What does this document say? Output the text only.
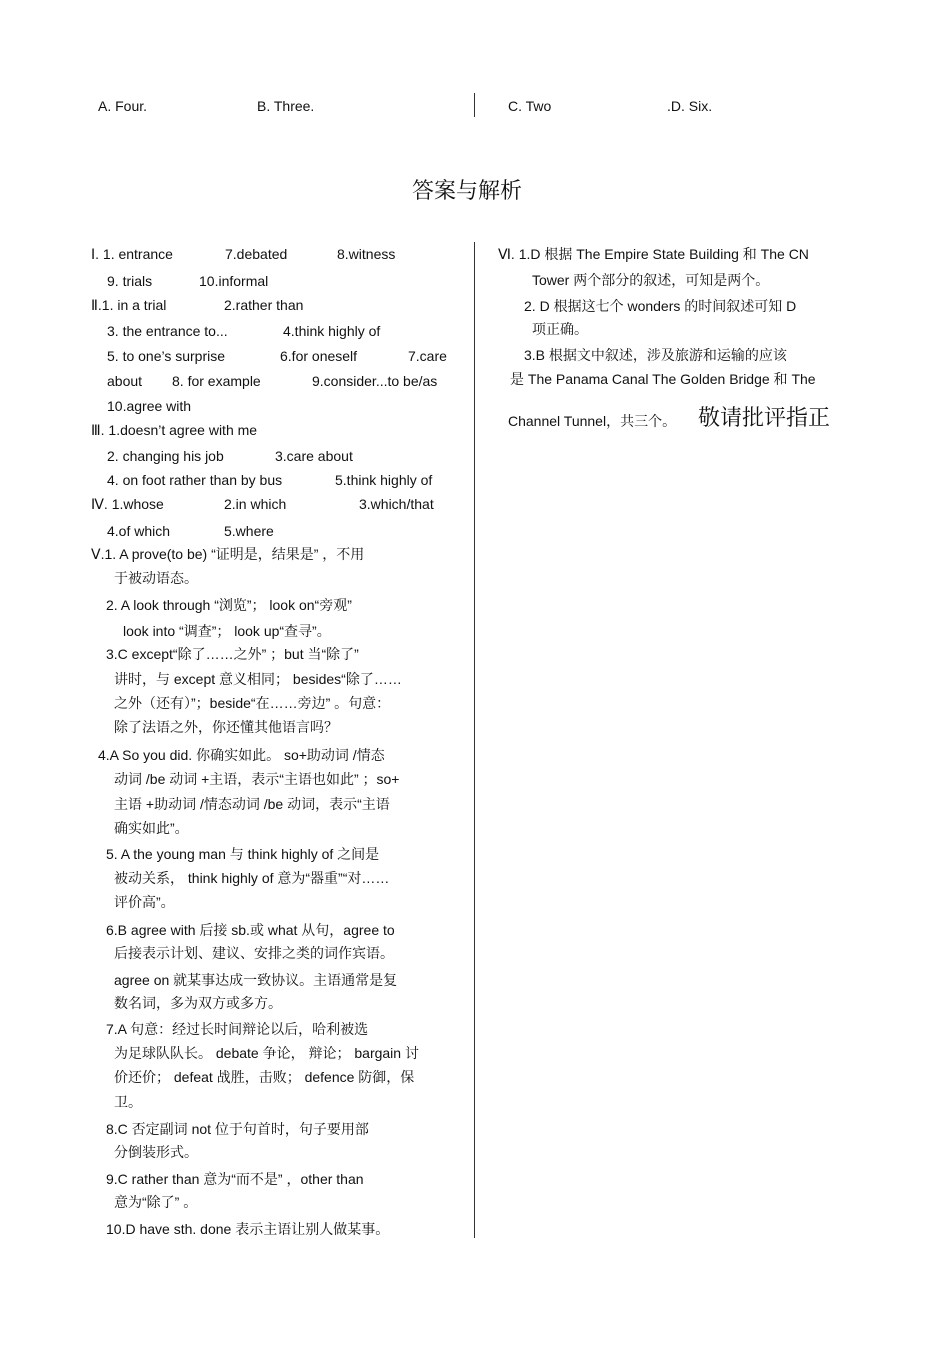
A. Four.	B. Three.	C. Two	.D. Six.
答案与解析
Ⅰ. 1. entrance	7.debated	8.witness
9. trials	10.informal
Ⅱ.1. in a trial	2.rather than
3. the entrance to...	4.think highly of
5. to one’s surprise	6.for oneself	7.care
about 8. for example	9.consider...to be/as
10.agree with
Ⅲ. 1.doesn’t agree with me
2. changing his job	3.care about
4. on foot rather than by bus	5.think highly of
Ⅳ. 1.whose	2.in which	3.which/that
4.of which	5.where
Ⅴ.1. A prove(to be) “证明是，结果是” ，不用
于被动语态。
2. A look through “浏览”； look on“旁观”
look into “调查”； look up“查寻”。
3.C except“除了……之外” ；but 当“除了”
讲时，与 except 意义相同； besides“除了……
之外（还有）”；beside“在……旁边” 。句意：
除了法语之外，你还懂其他语言吗？
4.A So you did. 你确实如此。 so+助动词 /情态
动词 /be 动词 +主语，表示“主语也如此” ；so+
主语 +助动词 /情态动词 /be 动词，表示“主语
确实如此”。
5. A the young man 与 think highly of 之间是
被动关系， think highly of 意为“器重”“对……
评价高”。
6.B agree with 后接 sb.或 what 从句，agree to
后接表示计划、建议、安排之类的词作宾语。
agree on 就某事达成一致协议。主语通常是复
数名词，多为双方或多方。
7.A 句意：经过长时间辩论以后，哈利被选
为足球队队长。 debate 争论， 辩论； bargain 讨
价还价； defeat 战胜，击败； defence 防御，保
卫。
8.C 否定副词 not 位于句首时，句子要用部
分倒装形式。
9.C rather than 意为“而不是” ，other than
意为“除了” 。
10.D have sth. done 表示主语让别人做某事。
Ⅵ. 1.D 根据 The Empire State Building 和 The CN
Tower 两个部分的叙述，可知是两个。
2. D 根据这七个 wonders 的时间叙述可知 D
项正确。
3.B 根据文中叙述，涉及旅游和运输的应该
是 The Panama Canal The Golden Bridge 和 The
Channel Tunnel，共三个。 敬请批评指正
